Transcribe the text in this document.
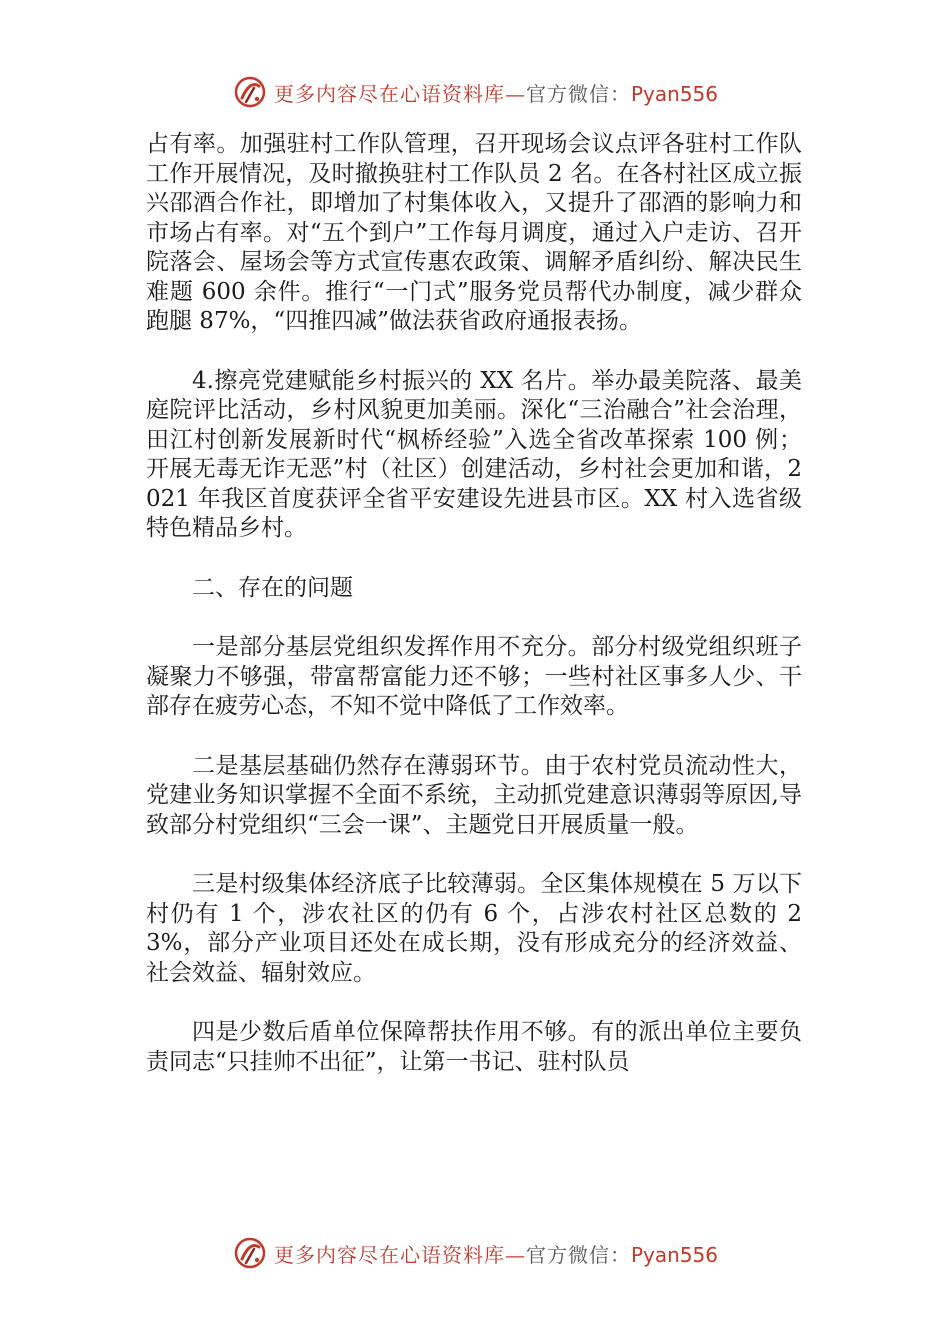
更多内容尽在心语资料库—官方微信：Pyan556

占有率。加强驻村工作队管理，召开现场会议点评各驻村工作队工作开展情况，及时撤换驻村工作队员 2 名。在各村社区成立振兴邵酒合作社，即增加了村集体收入，又提升了邵酒的影响力和市场占有率。对“五个到户”工作每月调度，通过入户走访、召开院落会、屋场会等方式宣传惠农政策、调解矛盾纠纷、解决民生难题 600 余件。推行“一门式”服务党员帮代办制度，减少群众跑腿 87%，“四推四减”做法获省政府通报表扬。

4.擦亮党建赋能乡村振兴的 XX 名片。举办最美院落、最美庭院评比活动，乡村风貌更加美丽。深化“三治融合”社会治理，田江村创新发展新时代“枫桥经验”入选全省改革探索 100 例；开展无毒无诈无恶”村（社区）创建活动，乡村社会更加和谐，2021 年我区首度获评全省平安建设先进县市区。XX 村入选省级特色精品乡村。

二、存在的问题

一是部分基层党组织发挥作用不充分。部分村级党组织班子凝聚力不够强，带富帮富能力还不够；一些村社区事多人少、干部存在疲劳心态，不知不觉中降低了工作效率。

二是基层基础仍然存在薄弱环节。由于农村党员流动性大，党建业务知识掌握不全面不系统，主动抓党建意识薄弱等原因,导致部分村党组织“三会一课”、主题党日开展质量一般。

三是村级集体经济底子比较薄弱。全区集体规模在 5 万以下村仍有 1 个，涉农社区的仍有 6 个，占涉农村社区总数的 23%，部分产业项目还处在成长期，没有形成充分的经济效益、社会效益、辐射效应。

四是少数后盾单位保障帮扶作用不够。有的派出单位主要负责同志“只挂帅不出征”，让第一书记、驻村队员

更多内容尽在心语资料库—官方微信：Pyan556
